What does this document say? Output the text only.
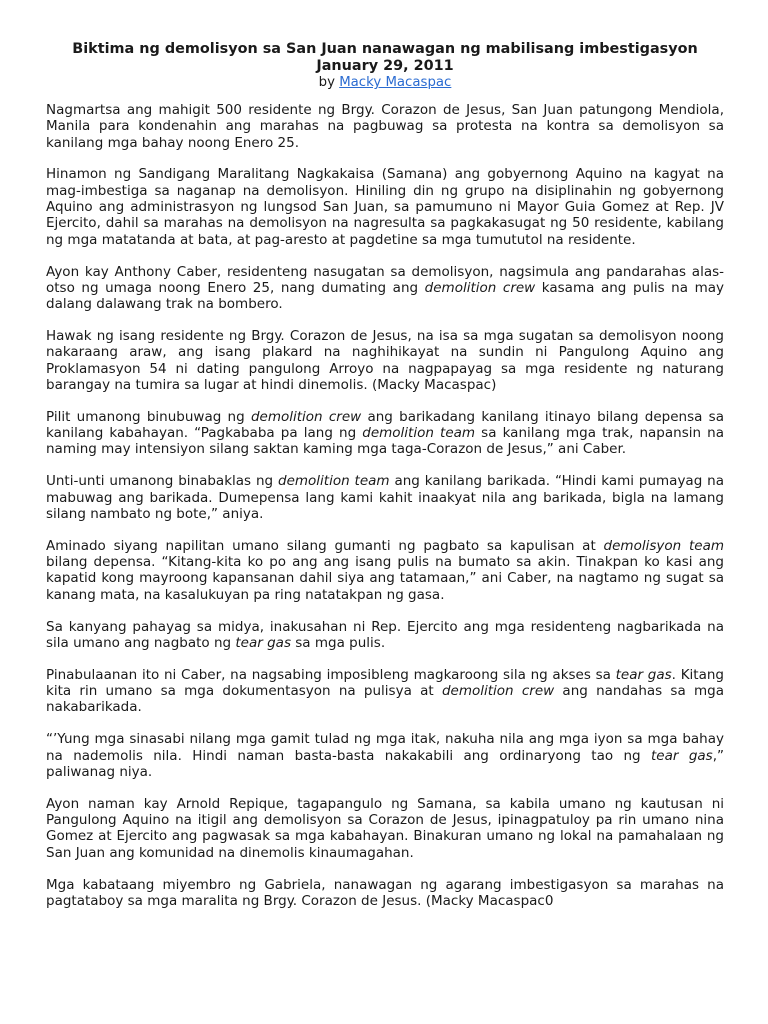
Biktima ng demolisyon sa San Juan nanawagan ng mabilisang imbestigasyon
January 29, 2011
by Macky Macaspac

Nagmartsa ang mahigit 500 residente ng Brgy. Corazon de Jesus, San Juan patungong Mendiola, Manila para kondenahin ang marahas na pagbuwag sa protesta na kontra sa demolisyon sa kanilang mga bahay noong Enero 25.

Hinamon ng Sandigang Maralitang Nagkakaisa (Samana) ang gobyernong Aquino na kagyat na mag-imbestiga sa naganap na demolisyon. Hiniling din ng grupo na disiplinahin ng gobyernong Aquino ang administrasyon ng lungsod San Juan, sa pamumuno ni Mayor Guia Gomez at Rep. JV Ejercito, dahil sa marahas na demolisyon na nagresulta sa pagkakasugat ng 50 residente, kabilang ng mga matatanda at bata, at pag-aresto at pagdetine sa mga tumututol na residente.

Ayon kay Anthony Caber, residenteng nasugatan sa demolisyon, nagsimula ang pandarahas alas-otso ng umaga noong Enero 25, nang dumating ang demolition crew kasama ang pulis na may dalang dalawang trak na bombero.

Hawak ng isang residente ng Brgy. Corazon de Jesus, na isa sa mga sugatan sa demolisyon noong nakaraang araw, ang isang plakard na naghihikayat na sundin ni Pangulong Aquino ang Proklamasyon 54 ni dating pangulong Arroyo na nagpapayag sa mga residente ng naturang barangay na tumira sa lugar at hindi dinemolis. (Macky Macaspac)

Pilit umanong binubuwag ng demolition crew ang barikadang kanilang itinayo bilang depensa sa kanilang kabahayan. “Pagkababa pa lang ng demolition team sa kanilang mga trak, napansin na naming may intensiyon silang saktan kaming mga taga-Corazon de Jesus,” ani Caber.

Unti-unti umanong binabaklas ng demolition team ang kanilang barikada. “Hindi kami pumayag na mabuwag ang barikada. Dumepensa lang kami kahit inaakyat nila ang barikada, bigla na lamang silang nambato ng bote,” aniya.

Aminado siyang napilitan umano silang gumanti ng pagbato sa kapulisan at demolisyon team bilang depensa. “Kitang-kita ko po ang ang isang pulis na bumato sa akin. Tinakpan ko kasi ang kapatid kong mayroong kapansanan dahil siya ang tatamaan,” ani Caber, na nagtamo ng sugat sa kanang mata, na kasalukuyan pa ring natatakpan ng gasa.

Sa kanyang pahayag sa midya, inakusahan ni Rep. Ejercito ang mga residenteng nagbarikada na sila umano ang nagbato ng tear gas sa mga pulis.

Pinabulaanan ito ni Caber, na nagsabing imposibleng magkaroong sila ng akses sa tear gas. Kitang kita rin umano sa mga dokumentasyon na pulisya at demolition crew ang nandahas sa mga nakabarikada.

“’Yung mga sinasabi nilang mga gamit tulad ng mga itak, nakuha nila ang mga iyon sa mga bahay na nademolis nila. Hindi naman basta-basta nakakabili ang ordinaryong tao ng tear gas,” paliwanag niya.

Ayon naman kay Arnold Repique, tagapangulo ng Samana, sa kabila umano ng kautusan ni Pangulong Aquino na itigil ang demolisyon sa Corazon de Jesus, ipinagpatuloy pa rin umano nina Gomez at Ejercito ang pagwasak sa mga kabahayan. Binakuran umano ng lokal na pamahalaan ng San Juan ang komunidad na dinemolis kinaumagahan.

Mga kabataang miyembro ng Gabriela, nanawagan ng agarang imbestigasyon sa marahas na pagtataboy sa mga maralita ng Brgy. Corazon de Jesus. (Macky Macaspac0
